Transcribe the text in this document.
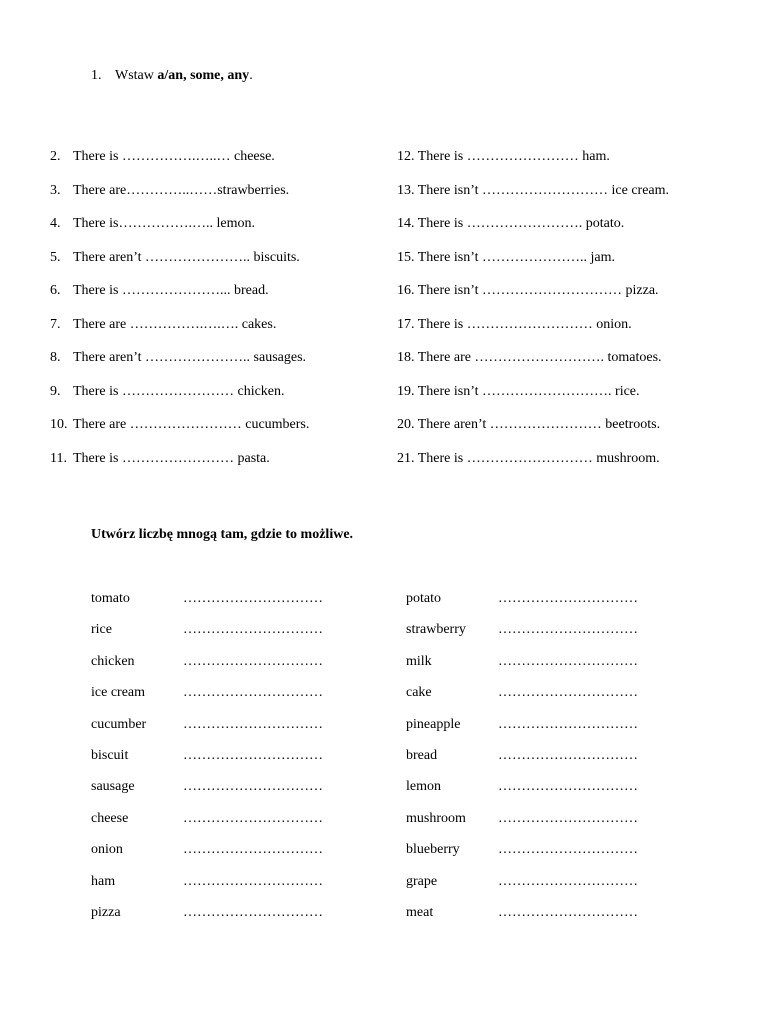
1. Wstaw a/an, some, any.
2. There is …………….…..… cheese.
3. There are…………..……strawberries.
4. There is…………….….. lemon.
5. There aren’t ………………….. biscuits.
6. There is …………………... bread.
7. There are …………….….…. cakes.
8. There aren’t ………………….. sausages.
9. There is …………………… chicken.
10. There are …………………… cucumbers.
11. There is …………………… pasta.
12. There is …………………… ham.
13. There isn’t ……………………… ice cream.
14. There is ……………………. potato.
15. There isn’t ………………….. jam.
16. There isn’t ………………………… pizza.
17. There is ……………………… onion.
18. There are ………………………. tomatoes.
19. There isn’t ………………………. rice.
20. There aren’t …………………… beetroots.
21. There is ……………………… mushroom.
Utwórz liczbę mnogą tam, gdzie to możliwe.
tomato	…………………………
rice	…………………………
chicken	…………………………
ice cream	…………………………
cucumber	…………………………
biscuit	…………………………
sausage	…………………………
cheese	…………………………
onion	…………………………
ham	…………………………
pizza	…………………………
potato	…………………………
strawberry …………………………
milk	…………………………
cake	…………………………
pineapple	…………………………
bread	…………………………
lemon	…………………………
mushroom …………………………
blueberry	…………………………
grape	…………………………
meat	…………………………
